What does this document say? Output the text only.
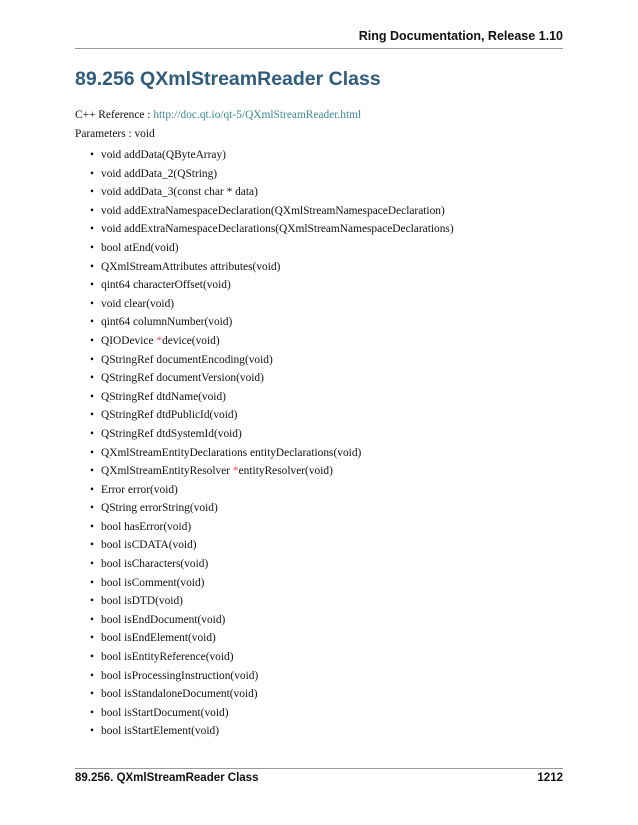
Ring Documentation, Release 1.10
89.256 QXmlStreamReader Class
C++ Reference : http://doc.qt.io/qt-5/QXmlStreamReader.html
Parameters : void
• void addData(QByteArray)
• void addData_2(QString)
• void addData_3(const char * data)
• void addExtraNamespaceDeclaration(QXmlStreamNamespaceDeclaration)
• void addExtraNamespaceDeclarations(QXmlStreamNamespaceDeclarations)
• bool atEnd(void)
• QXmlStreamAttributes attributes(void)
• qint64 characterOffset(void)
• void clear(void)
• qint64 columnNumber(void)
• QIODevice *device(void)
• QStringRef documentEncoding(void)
• QStringRef documentVersion(void)
• QStringRef dtdName(void)
• QStringRef dtdPublicId(void)
• QStringRef dtdSystemId(void)
• QXmlStreamEntityDeclarations entityDeclarations(void)
• QXmlStreamEntityResolver *entityResolver(void)
• Error error(void)
• QString errorString(void)
• bool hasError(void)
• bool isCDATA(void)
• bool isCharacters(void)
• bool isComment(void)
• bool isDTD(void)
• bool isEndDocument(void)
• bool isEndElement(void)
• bool isEntityReference(void)
• bool isProcessingInstruction(void)
• bool isStandaloneDocument(void)
• bool isStartDocument(void)
• bool isStartElement(void)
89.256. QXmlStreamReader Class	1212
